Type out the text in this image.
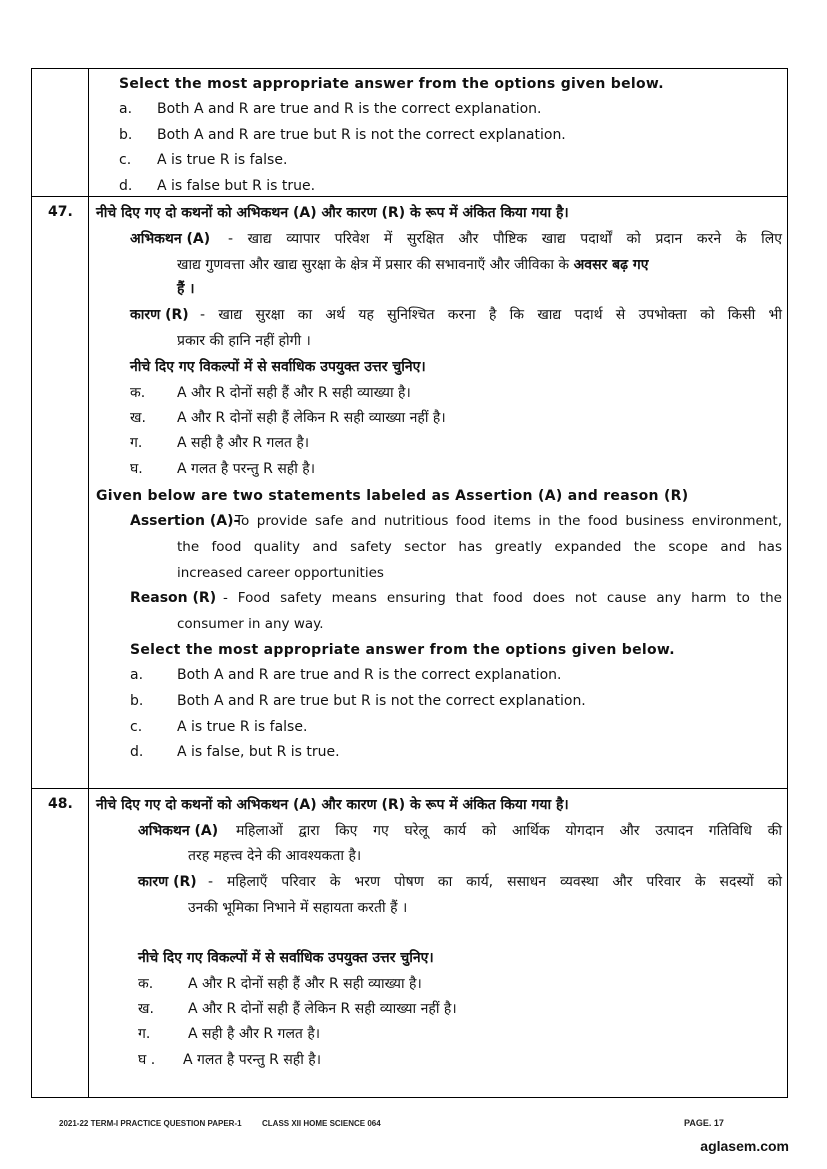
Select the most appropriate answer from the options given below.
a. Both A and R are true and R is the correct explanation.
b. Both A and R are true but R is not the correct explanation.
c. A is true R is false.
d. A is false but R is true.
47. नीचे दिए गए दो कथनों को अभिकथन (A) और कारण (R) के रूप में अंकित किया गया है।
अभिकथन (A) - खाद्य व्यापार परिवेश में सुरक्षित और पौष्टिक खाद्य पदार्थों को प्रदान करने के लिए
खाद्य गुणवत्ता और खाद्य सुरक्षा के क्षेत्र में प्रसार की सभावनाएँ और जीविका के अवसर बढ़ गए
हैं ।
कारण (R) - खाद्य सुरक्षा का अर्थ यह सुनिश्चित करना है कि खाद्य पदार्थ से उपभोक्ता को किसी भी
प्रकार की हानि नहीं होगी ।
नीचे दिए गए विकल्पों में से सर्वाधिक उपयुक्त उत्तर चुनिए।
क. A और R दोनों सही हैं और R सही व्याख्या है।
ख. A और R दोनों सही हैं लेकिन R सही व्याख्या नहीं है।
ग. A सही है और R गलत है।
घ. A गलत है परन्तु R सही है।
Given below are two statements labeled as Assertion (A) and reason (R)
Assertion (A)-
To provide safe and nutritious food items in the food business environment,
the food quality and safety sector has greatly expanded the scope and has
increased career opportunities
Reason (R) - Food safety means ensuring that food does not cause any harm to the
consumer in any way.
Select the most appropriate answer from the options given below.
a. Both A and R are true and R is the correct explanation.
b. Both A and R are true but R is not the correct explanation.
c. A is true R is false.
d. A is false, but R is true.
48. नीचे दिए गए दो कथनों को अभिकथन (A) और कारण (R) के रूप में अंकित किया गया है।
अभिकथन (A) महिलाओं द्वारा किए गए घरेलू कार्य को आर्थिक योगदान और उत्पादन गतिविधि की
तरह महत्त्व देने की आवश्यकता है।
कारण (R) - महिलाएँ परिवार के भरण पोषण का कार्य, ससाधन व्यवस्था और परिवार के सदस्यों को
उनकी भूमिका निभाने में सहायता करती हैं ।
नीचे दिए गए विकल्पों में से सर्वाधिक उपयुक्त उत्तर चुनिए।
क. A और R दोनों सही हैं और R सही व्याख्या है।
ख. A और R दोनों सही हैं लेकिन R सही व्याख्या नहीं है।
ग.	A सही है और R गलत है।
घ . A गलत है परन्तु R सही है।
2021-22 TERM-I PRACTICE QUESTION PAPER-1	CLASS XII HOME SCIENCE 064	PAGE. 17
aglasem.com
